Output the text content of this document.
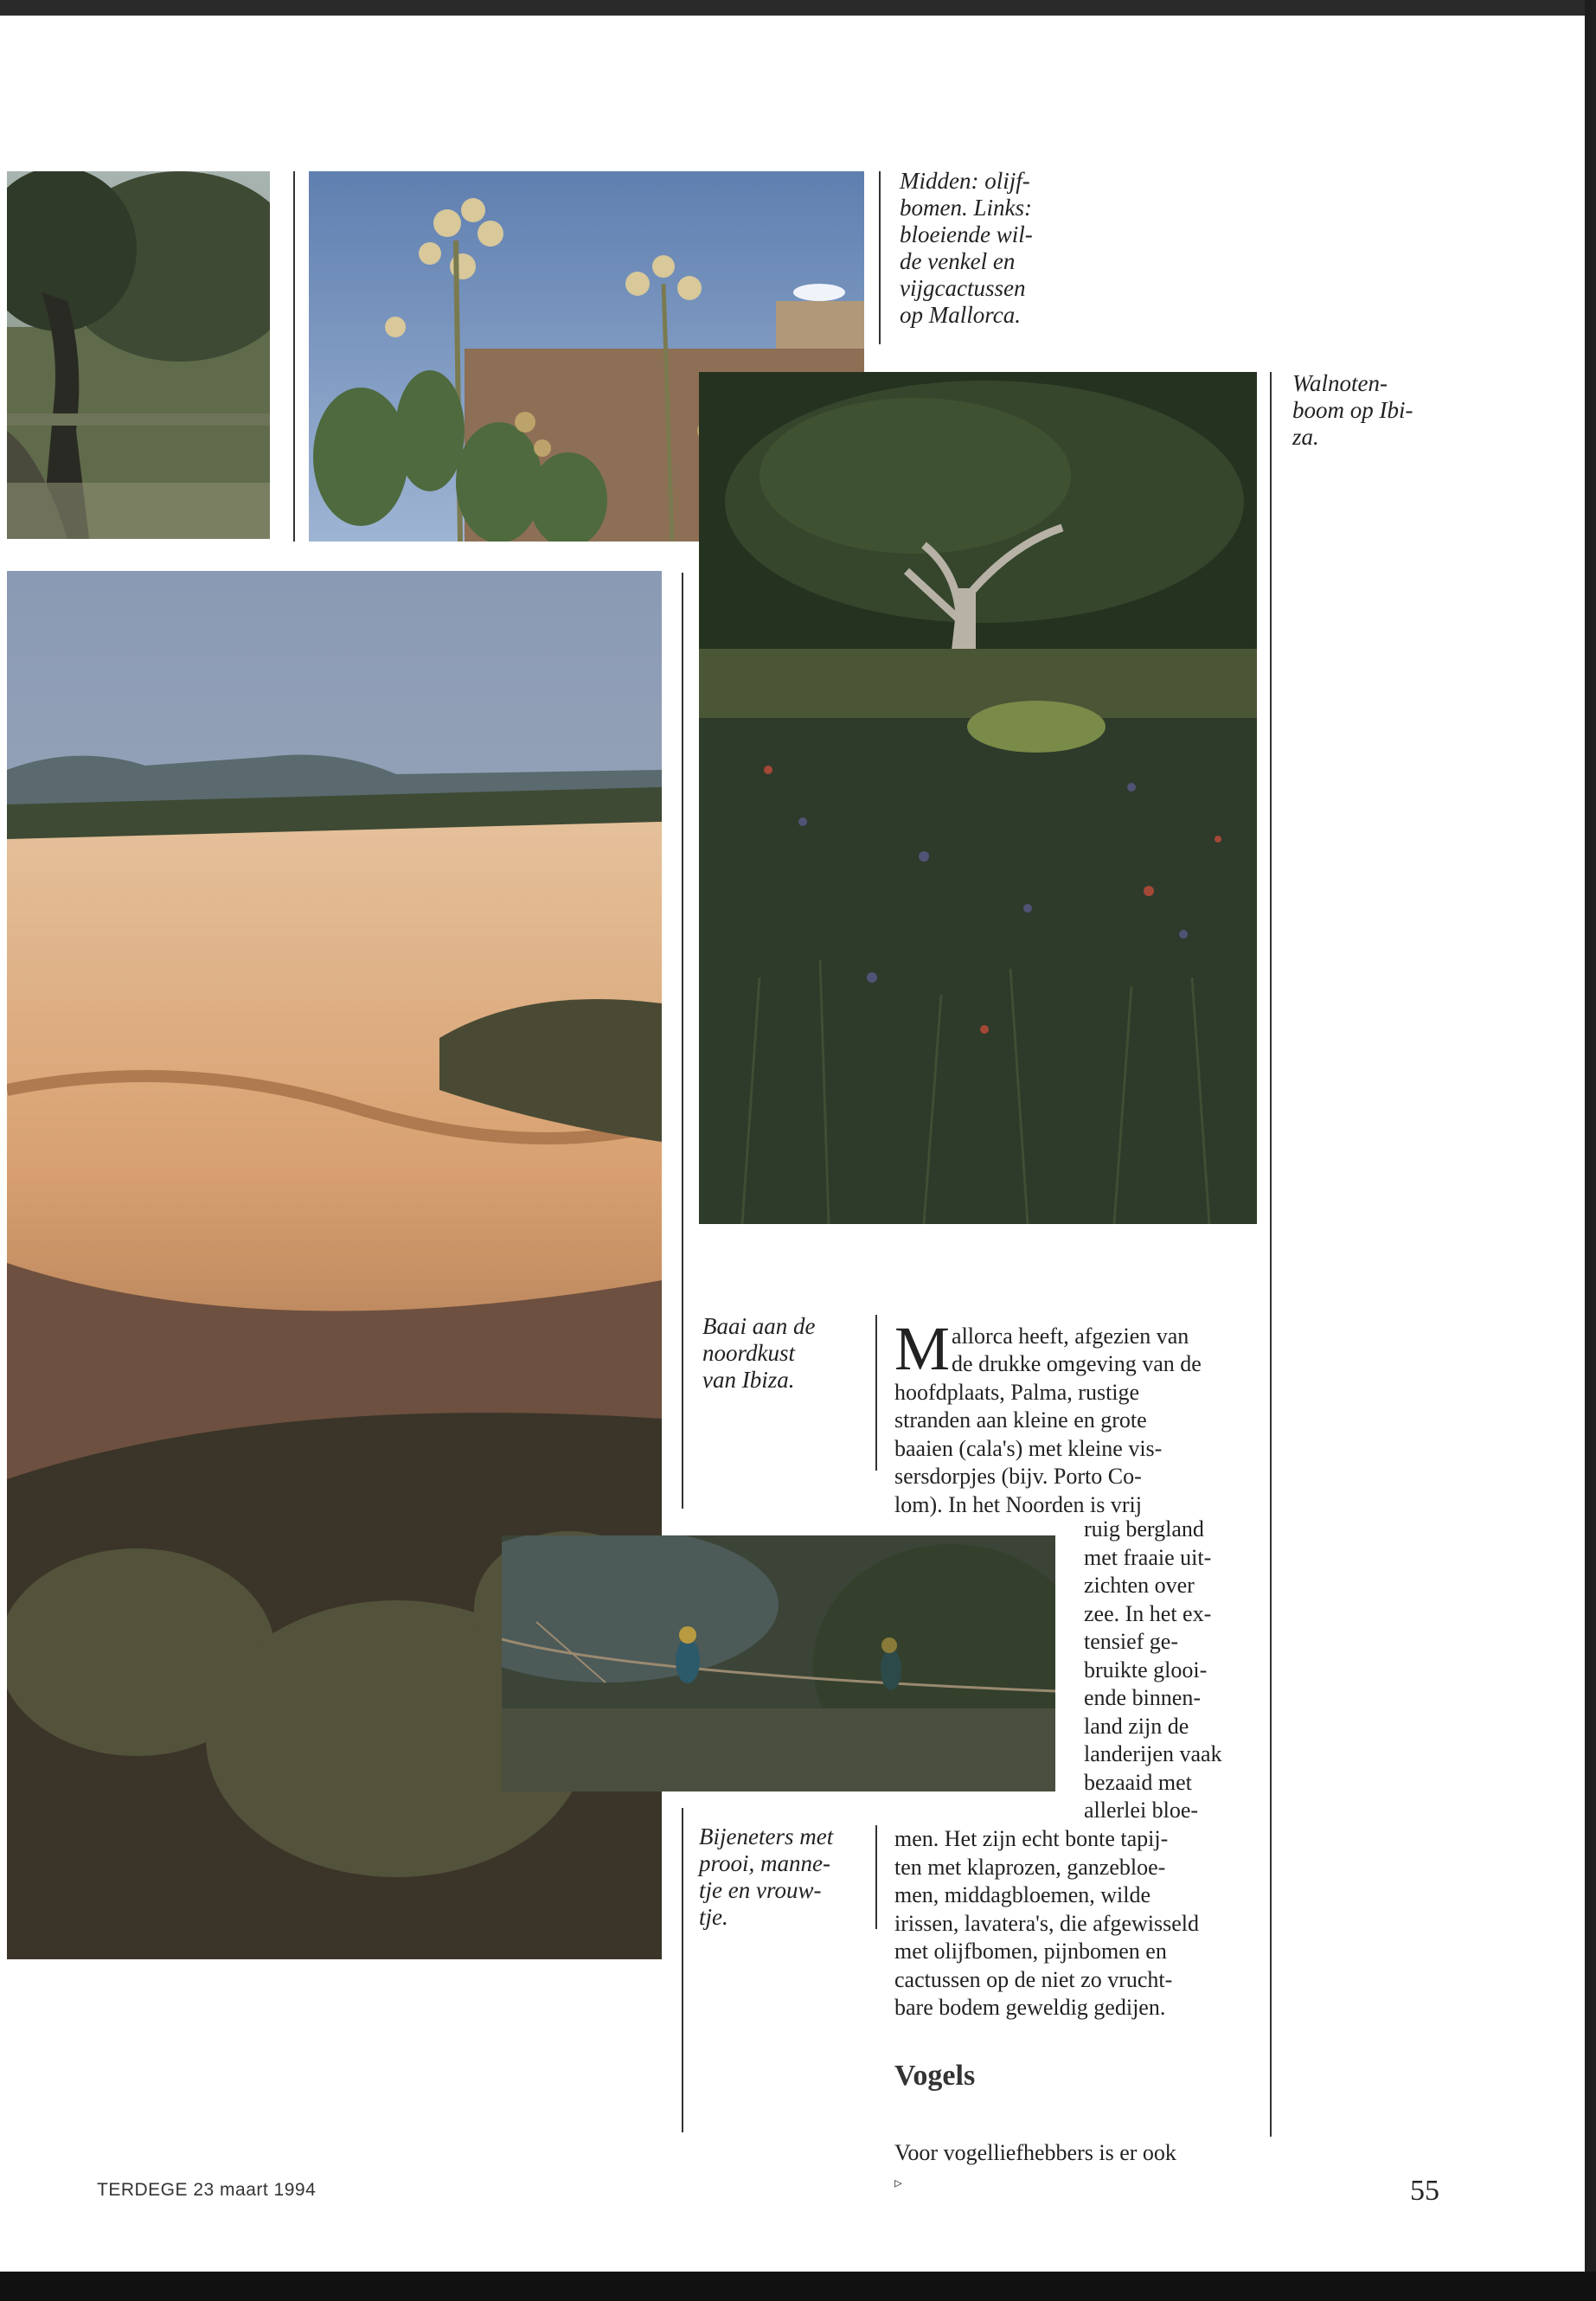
Midden: olijf-
bomen. Links:
bloeiende wil-
de venkel en
vijgcactussen
op Mallorca.
Walnoten-
boom op Ibi-
za.
Baai aan de
noordkust
van Ibiza.
Bijeneters met
prooi, manne-
tje en vrouw-
tje.

Mallorca heeft, afgezien van
de drukke omgeving van de
hoofdplaats, Palma, rustige
stranden aan kleine en grote
baaien (cala's) met kleine vis-
sersdorpjes (bijv. Porto Co-
lom). In het Noorden is vrij

ruig bergland
met fraaie uit-
zichten over
zee. In het ex-
tensief ge-
bruikte glooi-
ende binnen-
land zijn de
landerijen vaak
bezaaid met
allerlei bloe-
men. Het zijn echt bonte tapij-
ten met klaprozen, ganzebloe-
men, middagbloemen, wilde
irissen, lavatera's, die afgewisseld
met olijfbomen, pijnbomen en
cactussen op de niet zo vrucht-
bare bodem geweldig gedijen.
Vogels

Voor vogelliefhebbers is er ook
▹

TERDEGE 23 maart 1994	55
